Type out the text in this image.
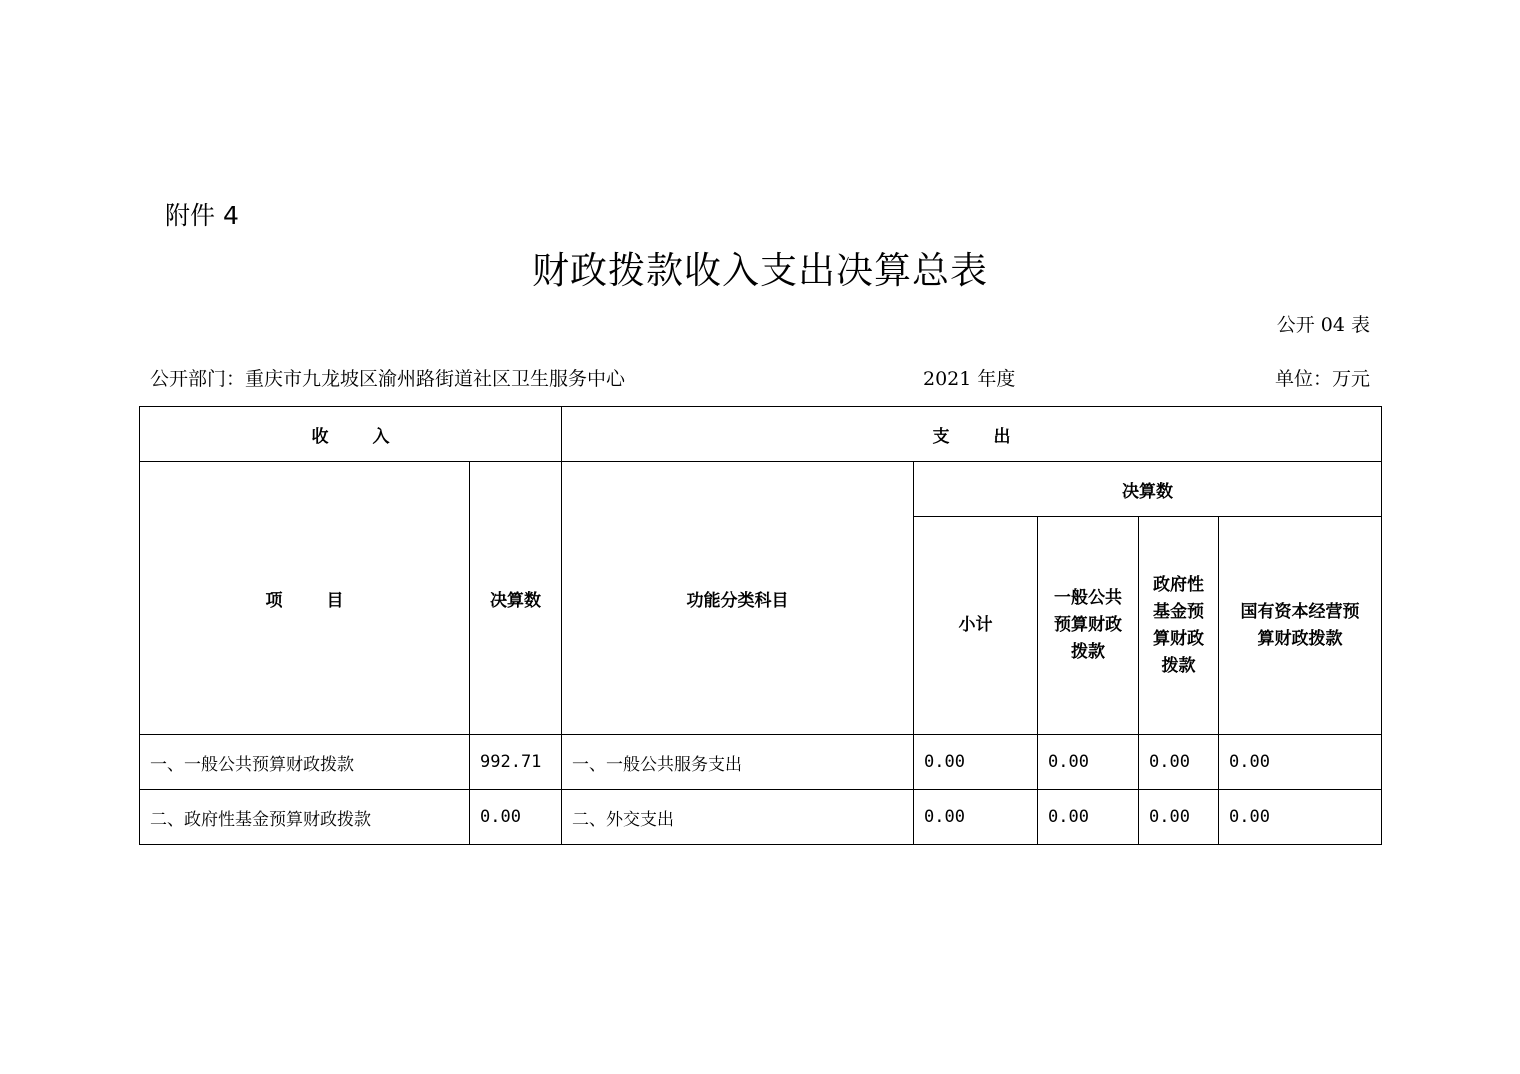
附件 4
财政拨款收入支出决算总表
公开 04 表
公开部门：重庆市九龙坡区渝州路街道社区卫生服务中心	2021 年度	单位：万元
收入		支出				
项目	决算数	功能分类科目	决算数			
			小计	一般公共预算财政拨款	政府性基金预算财政拨款	国有资本经营预算财政拨款
一、一般公共预算财政拨款	992.71	一、一般公共服务支出	0.00	0.00	0.00	0.00
二、政府性基金预算财政拨款	0.00	二、外交支出	0.00	0.00	0.00	0.00
